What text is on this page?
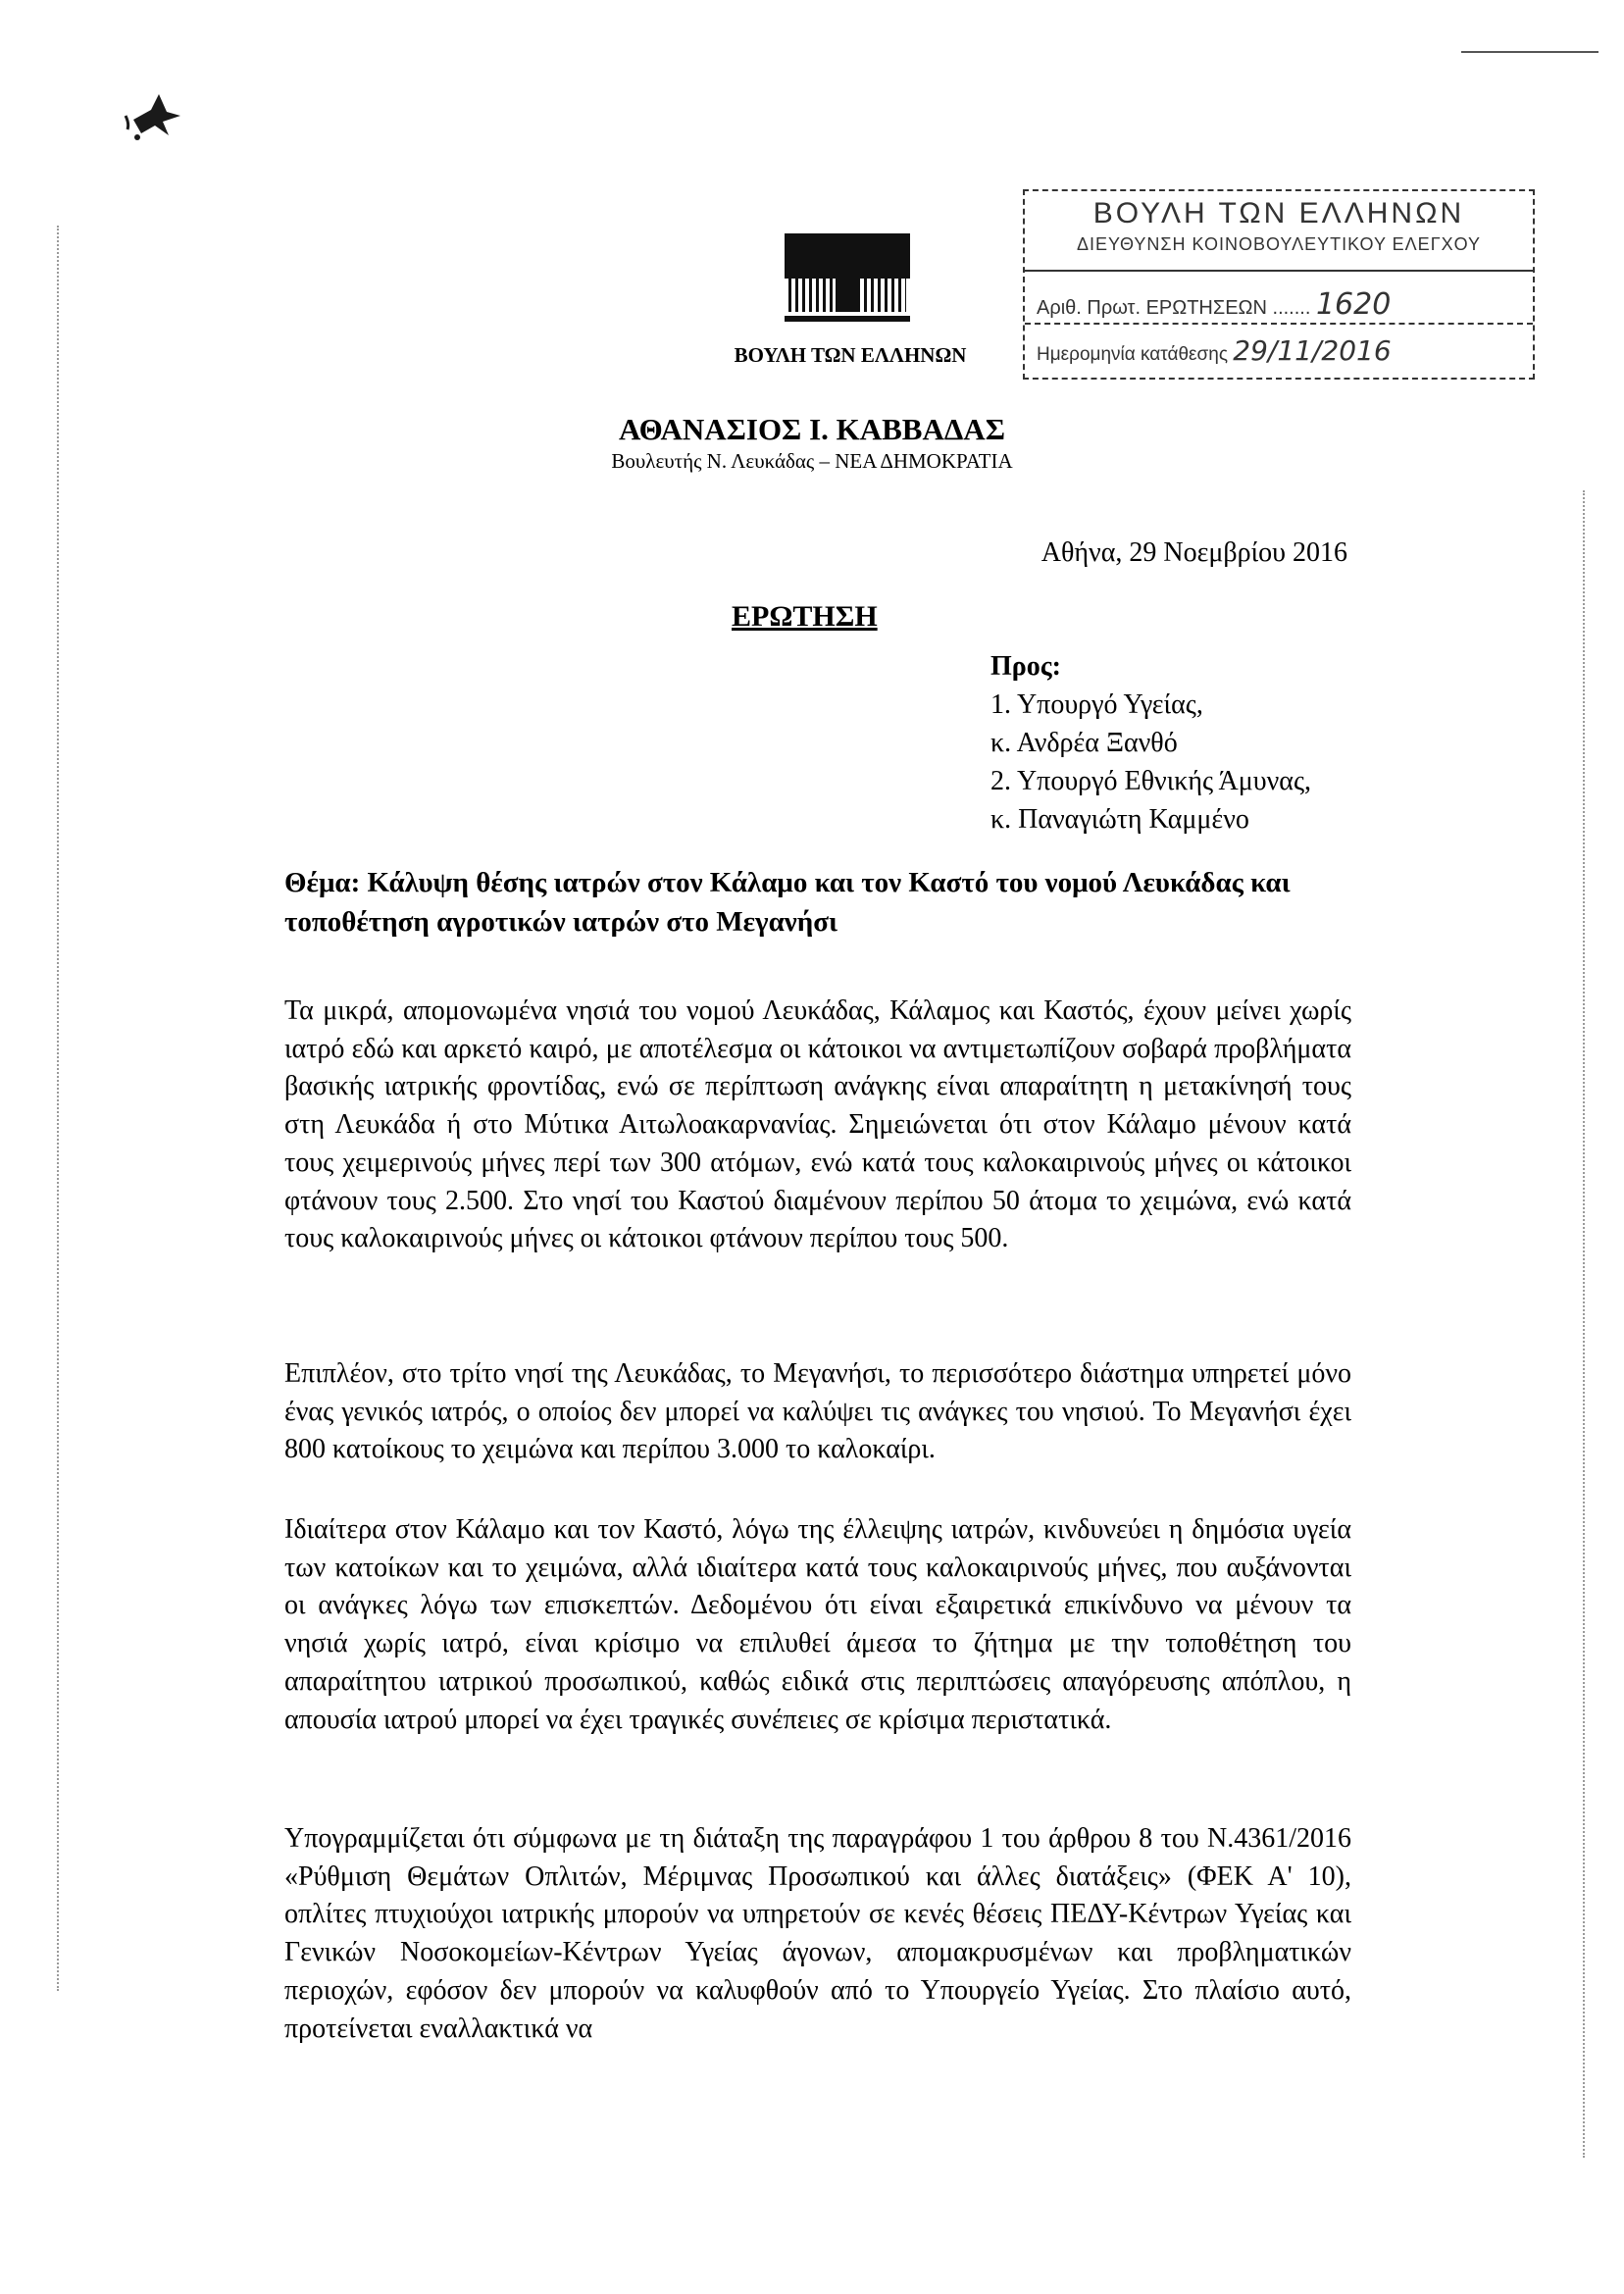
ΒΟΥΛΗ ΤΩΝ ΕΛΛΗΝΩΝ
ΒΟΥΛΗ ΤΩΝ ΕΛΛΗΝΩΝ
ΔΙΕΥΘΥΝΣΗ ΚΟΙΝΟΒΟΥΛΕΥΤΙΚΟΥ ΕΛΕΓΧΟΥ
Αριθ. Πρωτ. ΕΡΩΤΗΣΕΩΝ ....... 1620
Ημερομηνία κατάθεσης 29/11/2016
ΑΘΑΝΑΣΙΟΣ Ι. ΚΑΒΒΑΔΑΣ
Βουλευτής Ν. Λευκάδας – ΝΕΑ ΔΗΜΟΚΡΑΤΙΑ
Αθήνα, 29 Νοεμβρίου 2016
ΕΡΩΤΗΣΗ
Προς:
1. Υπουργό Υγείας,
κ. Ανδρέα Ξανθό
2. Υπουργό Εθνικής Άμυνας,
κ. Παναγιώτη Καμμένο
Θέμα: Κάλυψη θέσης ιατρών στον Κάλαμο και τον Καστό του νομού Λευκάδας και τοποθέτηση αγροτικών ιατρών στο Μεγανήσι
Τα μικρά, απομονωμένα νησιά του νομού Λευκάδας, Κάλαμος και Καστός, έχουν μείνει χωρίς ιατρό εδώ και αρκετό καιρό, με αποτέλεσμα οι κάτοικοι να αντιμετωπίζουν σοβαρά προβλήματα βασικής ιατρικής φροντίδας, ενώ σε περίπτωση ανάγκης είναι απαραίτητη η μετακίνησή τους στη Λευκάδα ή στο Μύτικα Αιτωλοακαρνανίας. Σημειώνεται ότι στον Κάλαμο μένουν κατά τους χειμερινούς μήνες περί των 300 ατόμων, ενώ κατά τους καλοκαιρινούς μήνες οι κάτοικοι φτάνουν τους 2.500. Στο νησί του Καστού διαμένουν περίπου 50 άτομα το χειμώνα, ενώ κατά τους καλοκαιρινούς μήνες οι κάτοικοι φτάνουν περίπου τους 500.
Επιπλέον, στο τρίτο νησί της Λευκάδας, το Μεγανήσι, το περισσότερο διάστημα υπηρετεί μόνο ένας γενικός ιατρός, ο οποίος δεν μπορεί να καλύψει τις ανάγκες του νησιού. Το Μεγανήσι έχει 800 κατοίκους το χειμώνα και περίπου 3.000 το καλοκαίρι.
Ιδιαίτερα στον Κάλαμο και τον Καστό, λόγω της έλλειψης ιατρών, κινδυνεύει η δημόσια υγεία των κατοίκων και το χειμώνα, αλλά ιδιαίτερα κατά τους καλοκαιρινούς μήνες, που αυξάνονται οι ανάγκες λόγω των επισκεπτών. Δεδομένου ότι είναι εξαιρετικά επικίνδυνο να μένουν τα νησιά χωρίς ιατρό, είναι κρίσιμο να επιλυθεί άμεσα το ζήτημα με την τοποθέτηση του απαραίτητου ιατρικού προσωπικού, καθώς ειδικά στις περιπτώσεις απαγόρευσης απόπλου, η απουσία ιατρού μπορεί να έχει τραγικές συνέπειες σε κρίσιμα περιστατικά.
Υπογραμμίζεται ότι σύμφωνα με τη διάταξη της παραγράφου 1 του άρθρου 8 του Ν.4361/2016 «Ρύθμιση Θεμάτων Οπλιτών, Μέριμνας Προσωπικού και άλλες διατάξεις» (ΦΕΚ Α' 10), οπλίτες πτυχιούχοι ιατρικής μπορούν να υπηρετούν σε κενές θέσεις ΠΕΔΥ-Κέντρων Υγείας και Γενικών Νοσοκομείων-Κέντρων Υγείας άγονων, απομακρυσμένων και προβληματικών περιοχών, εφόσον δεν μπορούν να καλυφθούν από το Υπουργείο Υγείας. Στο πλαίσιο αυτό, προτείνεται εναλλακτικά να
